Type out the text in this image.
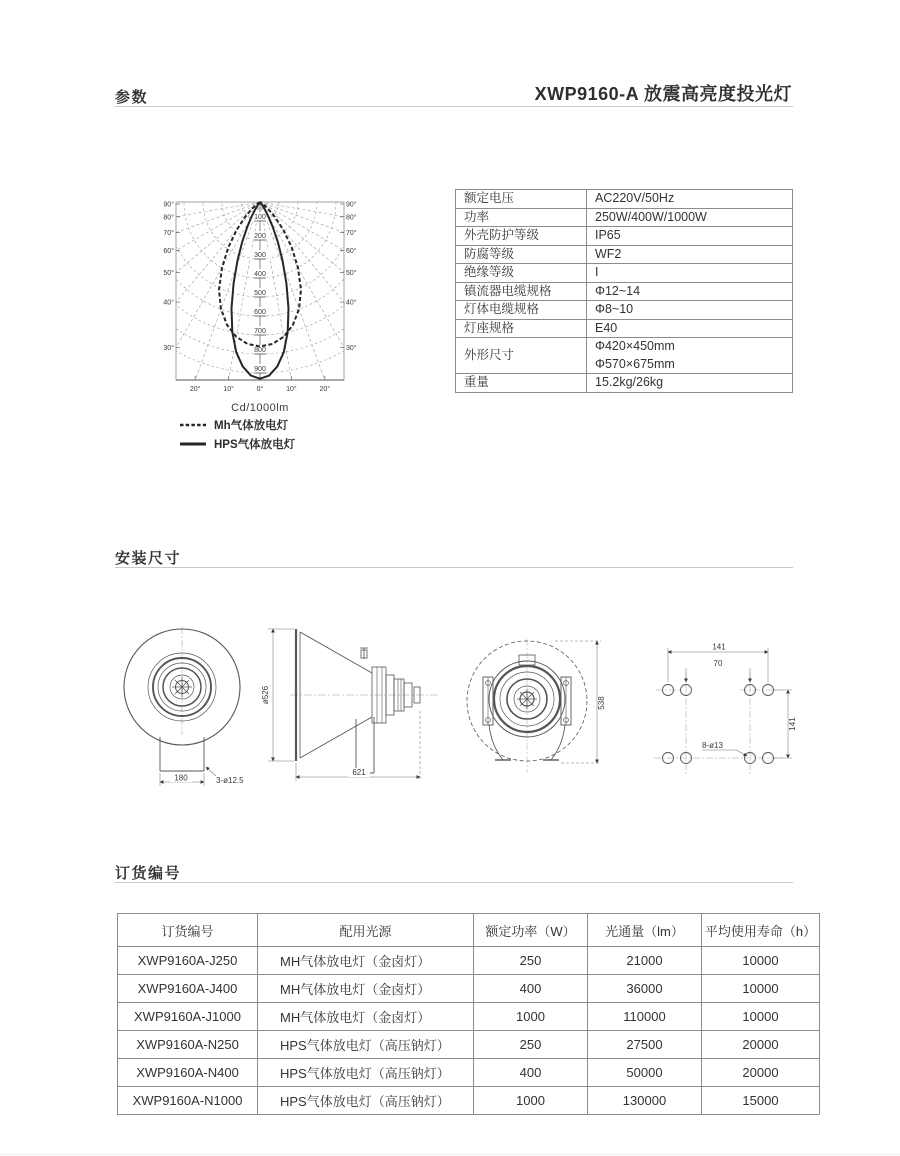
参数	XWP9160-A 放震高亮度投光灯
100
200
300
400
500
600
700
800
900
20°	10°	0°	10°	20°
90°	90°
80°	80°
70°	70°
60°	60°
50°	50°
40°	40°
30°	30°
Cd/1000lm
Mh气体放电灯
HPS气体放电灯
额定电压	AC220V/50Hz

功率	250W/400W/1000W

外壳防护等级	IP65

防腐等级	WF2

绝缘等级	I

镇流器电缆规格	Φ12~14

灯体电缆规格	Φ8~10

灯座规格	E40

外形尺寸	Φ420×450mm
Φ570×675mm

重量	15.2kg/26kg
安装尺寸
180	3-ø12.5
ø526
621
538
141
70
141
8-ø13
订货编号
订货编号	配用光源	额定功率（W）	光通量（lm）	平均使用寿命（h）
XWP9160A-J250	MH气体放电灯（金卤灯）	250	21000	10000
XWP9160A-J400	MH气体放电灯（金卤灯）	400	36000	10000
XWP9160A-J1000	MH气体放电灯（金卤灯）	1000	110000	10000
XWP9160A-N250	HPS气体放电灯（高压钠灯）	250	27500	20000
XWP9160A-N400	HPS气体放电灯（高压钠灯）	400	50000	20000
XWP9160A-N1000	HPS气体放电灯（高压钠灯）	1000	130000	15000
